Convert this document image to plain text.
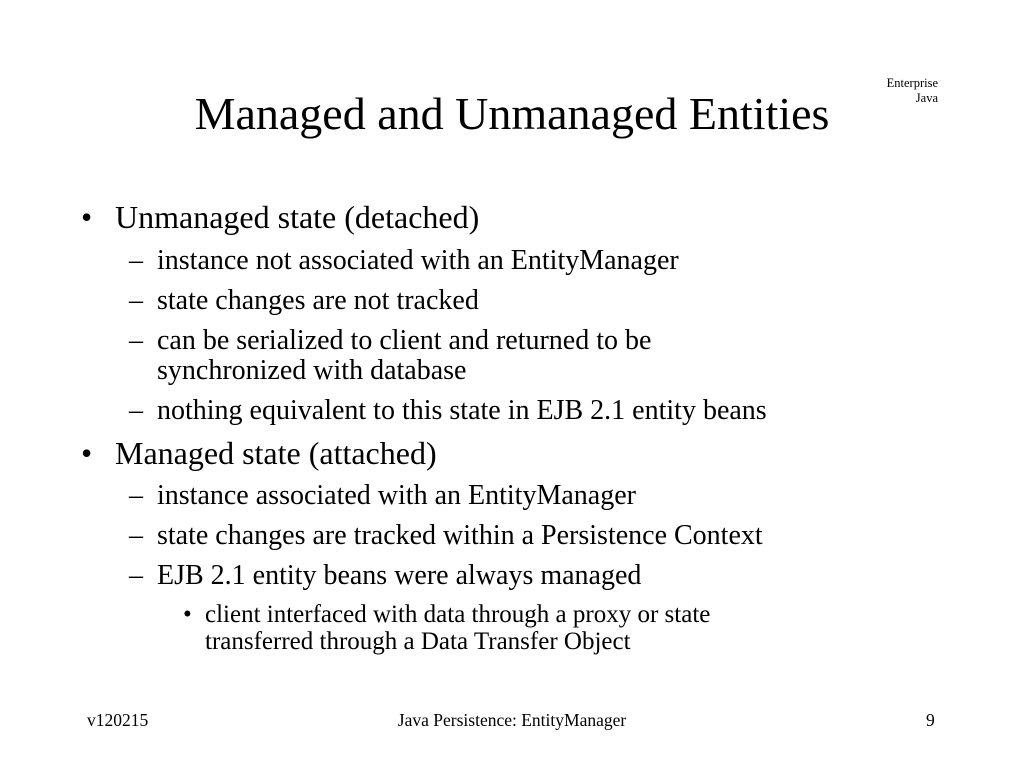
Enterprise
Java
Managed and Unmanaged Entities
• Unmanaged state (detached)
– instance not associated with an EntityManager
– state changes are not tracked
– can be serialized to client and returned to be
synchronized with database
– nothing equivalent to this state in EJB 2.1 entity beans
• Managed state (attached)
– instance associated with an EntityManager
– state changes are tracked within a Persistence Context
– EJB 2.1 entity beans were always managed
• client interfaced with data through a proxy or state
transferred through a Data Transfer Object
v120215	Java Persistence: EntityManager	9
